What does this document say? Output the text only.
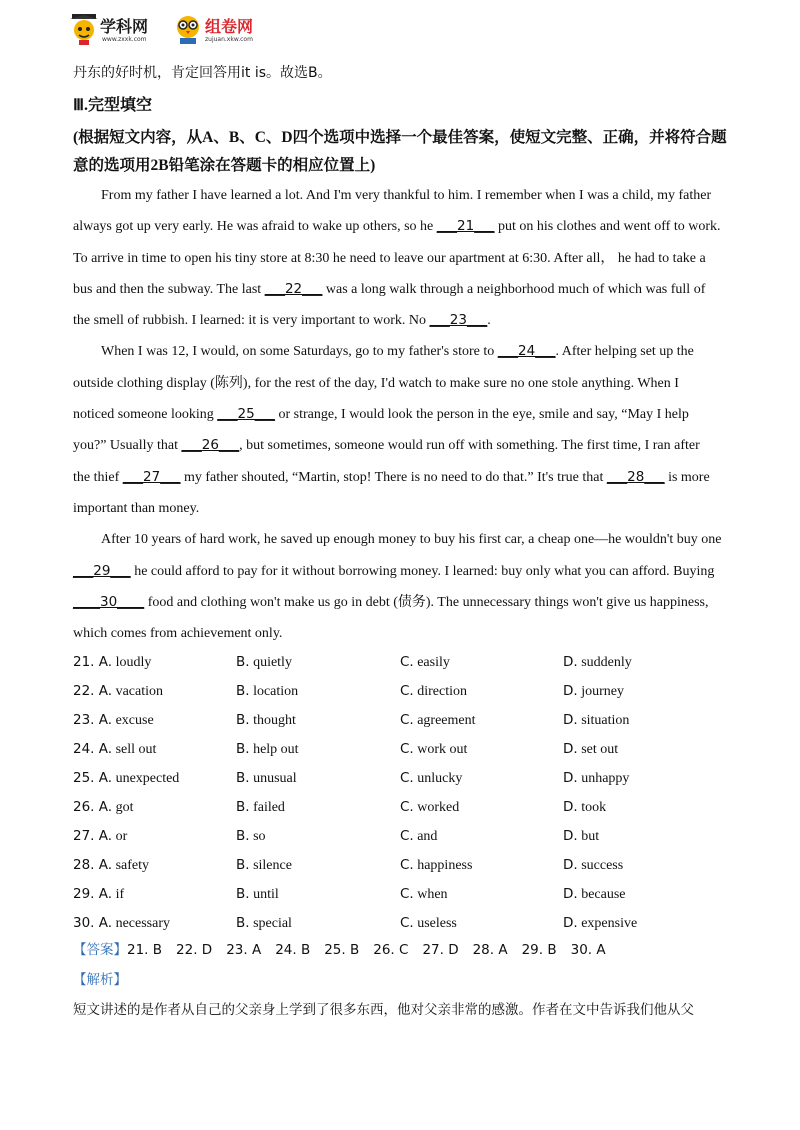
学科网
www.zxxk.com
组卷网
zujuan.xkw.com
丹东的好时机，肯定回答用it is。故选B。
Ⅲ.完型填空
(根据短文内容，从A、B、C、D四个选项中选择一个最佳答案，使短文完整、正确，并将符合题意的选项用2B铅笔涂在答题卡的相应位置上)
From my father I have learned a lot. And I'm very thankful to him. I remember when I was a child, my father
always got up very early. He was afraid to wake up others, so he ___21___ put on his clothes and went off to work.
To arrive in time to open his tiny store at 8:30 he need to leave our apartment at 6:30. After all， he had to take a
bus and then the subway. The last ___22___ was a long walk through a neighborhood much of which was full of
the smell of rubbish. I learned: it is very important to work. No ___23___.
When I was 12, I would, on some Saturdays, go to my father's store to ___24___. After helping set up the
outside clothing display (陈列), for the rest of the day, I'd watch to make sure no one stole anything. When I
noticed someone looking ___25___ or strange, I would look the person in the eye, smile and say, “May I help
you?” Usually that ___26___, but sometimes, someone would run off with something. The first time, I ran after
the thief ___27___ my father shouted, “Martin, stop! There is no need to do that.” It's true that ___28___ is more
important than money.
After 10 years of hard work, he saved up enough money to buy his first car, a cheap one—he wouldn't buy one
___29___ he could afford to pay for it without borrowing money. I learned: buy only what you can afford. Buying
____30____ food and clothing won't make us go in debt (债务). The unnecessary things won't give us happiness,
which comes from achievement only.
21. A. loudly	B. quietly	C. easily	D. suddenly
22. A. vacation	B. location	C. direction	D. journey
23. A. excuse	B. thought	C. agreement	D. situation
24. A. sell out	B. help out	C. work out	D. set out
25. A. unexpected	B. unusual	C. unlucky	D. unhappy
26. A. got	B. failed	C. worked	D. took
27. A. or	B. so	C. and	D. but
28. A. safety	B. silence	C. happiness	D. success
29. A. if	B. until	C. when	D. because
30. A. necessary	B. special	C. useless	D. expensive
【答案】21. B 22. D 23. A 24. B 25. B 26. C 27. D 28. A 29. B 30. A
【解析】
短文讲述的是作者从自己的父亲身上学到了很多东西，他对父亲非常的感激。作者在文中告诉我们他从父
